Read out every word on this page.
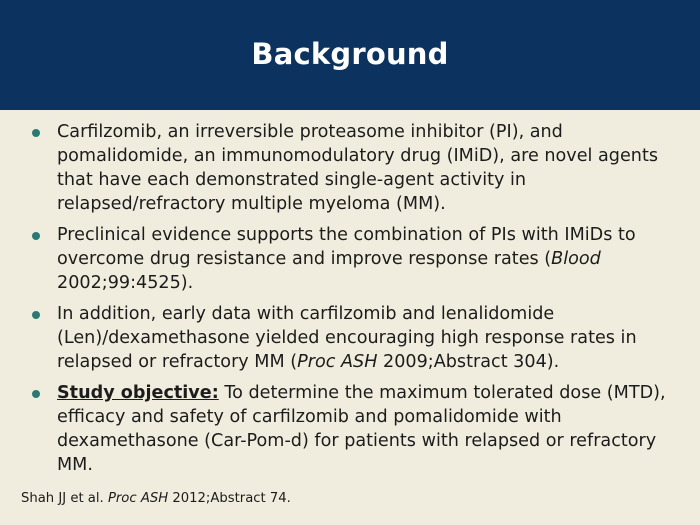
Background
Carfilzomib, an irreversible proteasome inhibitor (PI), and pomalidomide, an immunomodulatory drug (IMiD), are novel agents that have each demonstrated single-agent activity in relapsed/refractory multiple myeloma (MM).
Preclinical evidence supports the combination of PIs with IMiDs to overcome drug resistance and improve response rates (Blood 2002;99:4525).
In addition, early data with carfilzomib and lenalidomide (Len)/dexamethasone yielded encouraging high response rates in relapsed or refractory MM (Proc ASH 2009;Abstract 304).
Study objective: To determine the maximum tolerated dose (MTD), efficacy and safety of carfilzomib and pomalidomide with dexamethasone (Car-Pom-d) for patients with relapsed or refractory MM.
Shah JJ et al. Proc ASH 2012;Abstract 74.
